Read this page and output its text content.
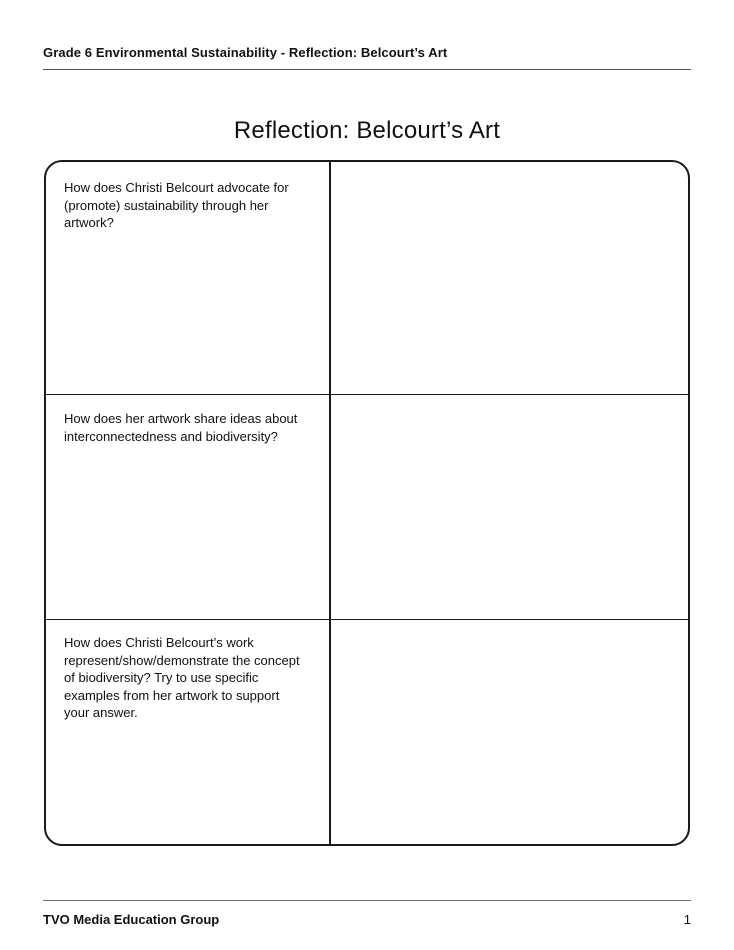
Grade 6 Environmental Sustainability - Reflection: Belcourt’s Art
Reflection: Belcourt’s Art
How does Christi Belcourt advocate for (promote) sustainability through her artwork?
How does her artwork share ideas about interconnectedness and biodiversity?
How does Christi Belcourt’s work represent/show/demonstrate the concept of biodiversity? Try to use specific examples from her artwork to support your answer.
TVO Media Education Group	1
